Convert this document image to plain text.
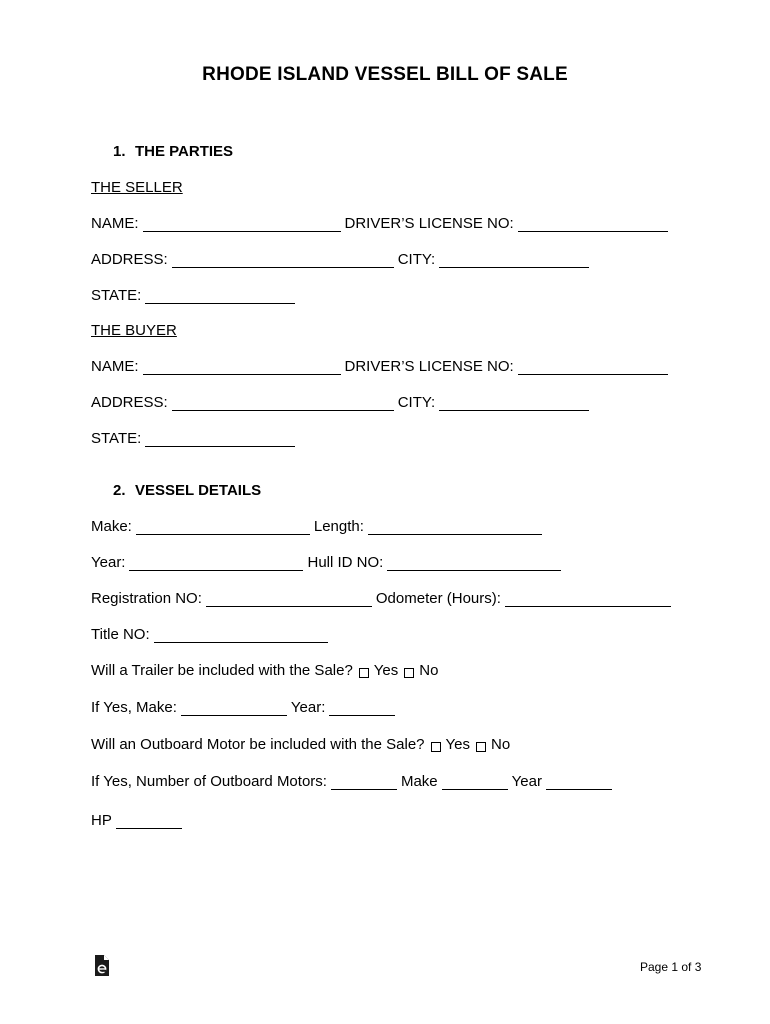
RHODE ISLAND VESSEL BILL OF SALE
1. THE PARTIES
THE SELLER
NAME:	DRIVER’S LICENSE NO:
ADDRESS:	CITY:
STATE:
THE BUYER
NAME:	DRIVER’S LICENSE NO:
ADDRESS:	CITY:
STATE:
2. VESSEL DETAILS
Make:	Length:
Year:	Hull ID NO:
Registration NO:	Odometer (Hours):
Title NO:
Will a Trailer be included with the Sale? Yes No
If Yes, Make:	Year:
Will an Outboard Motor be included with the Sale? Yes No
If Yes, Number of Outboard Motors:	Make	Year
HP
Page 1 of 3
